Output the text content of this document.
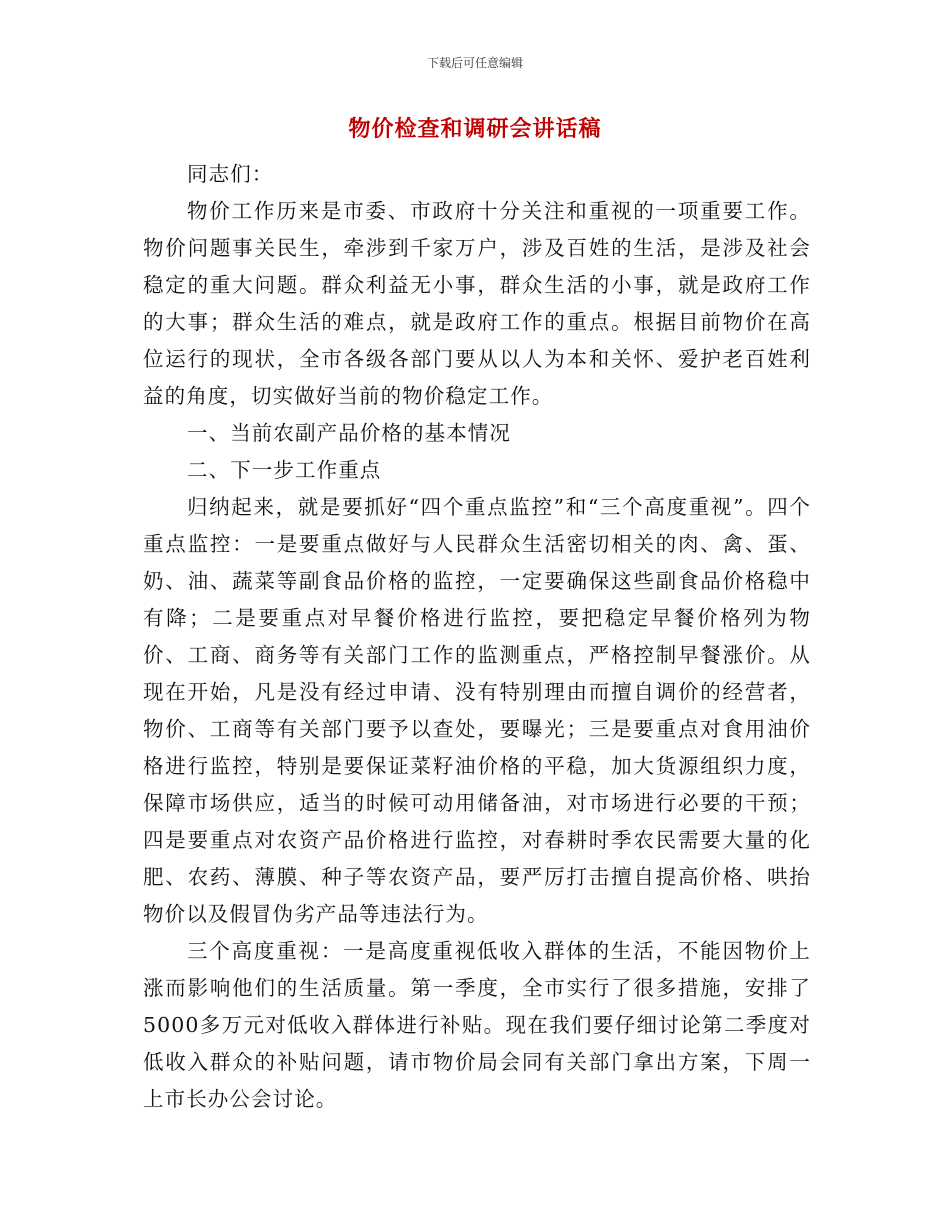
下载后可任意编辑
物价检查和调研会讲话稿

同志们：

物价工作历来是市委、市政府十分关注和重视的一项重要工作。物价问题事关民生，牵涉到千家万户，涉及百姓的生活，是涉及社会稳定的重大问题。群众利益无小事，群众生活的小事，就是政府工作的大事；群众生活的难点，就是政府工作的重点。根据目前物价在高位运行的现状，全市各级各部门要从以人为本和关怀、爱护老百姓利益的角度，切实做好当前的物价稳定工作。

一、当前农副产品价格的基本情况

二、下一步工作重点

归纳起来，就是要抓好“四个重点监控”和“三个高度重视”。四个重点监控：一是要重点做好与人民群众生活密切相关的肉、禽、蛋、奶、油、蔬菜等副食品价格的监控，一定要确保这些副食品价格稳中有降；二是要重点对早餐价格进行监控，要把稳定早餐价格列为物价、工商、商务等有关部门工作的监测重点，严格控制早餐涨价。从现在开始，凡是没有经过申请、没有特别理由而擅自调价的经营者，物价、工商等有关部门要予以查处，要曝光；三是要重点对食用油价格进行监控，特别是要保证菜籽油价格的平稳，加大货源组织力度，保障市场供应，适当的时候可动用储备油，对市场进行必要的干预；四是要重点对农资产品价格进行监控，对春耕时季农民需要大量的化肥、农药、薄膜、种子等农资产品，要严厉打击擅自提高价格、哄抬物价以及假冒伪劣产品等违法行为。

三个高度重视：一是高度重视低收入群体的生活，不能因物价上涨而影响他们的生活质量。第一季度，全市实行了很多措施，安排了5000多万元对低收入群体进行补贴。现在我们要仔细讨论第二季度对低收入群众的补贴问题，请市物价局会同有关部门拿出方案，下周一上市长办公会讨论。
